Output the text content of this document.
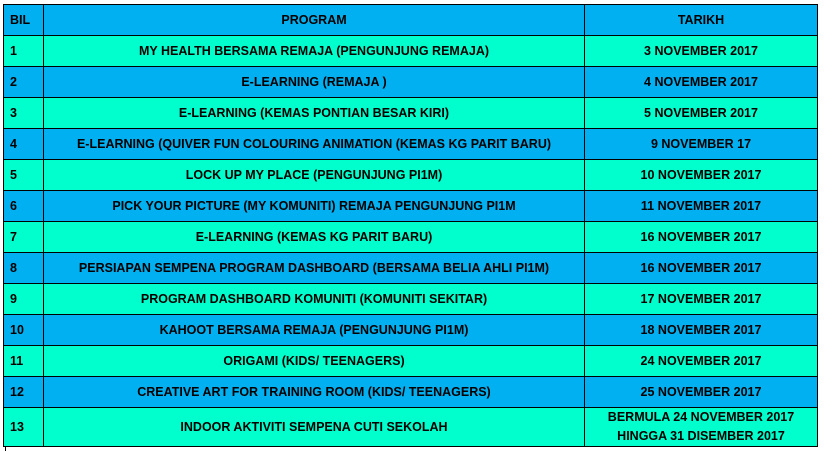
BIL	PROGRAM	TARIKH
1	MY HEALTH BERSAMA REMAJA (PENGUNJUNG REMAJA)	3 NOVEMBER 2017
2	E-LEARNING (REMAJA )	4 NOVEMBER 2017
3	E-LEARNING (KEMAS PONTIAN BESAR KIRI)	5 NOVEMBER 2017
4	E-LEARNING (QUIVER FUN COLOURING ANIMATION (KEMAS KG PARIT BARU)	9 NOVEMBER 17
5	LOCK UP MY PLACE (PENGUNJUNG PI1M)	10 NOVEMBER 2017
6	PICK YOUR PICTURE (MY KOMUNITI) REMAJA PENGUNJUNG PI1M	11 NOVEMBER 2017
7	E-LEARNING (KEMAS KG PARIT BARU)	16 NOVEMBER 2017
8	PERSIAPAN SEMPENA PROGRAM DASHBOARD (BERSAMA BELIA AHLI PI1M)	16 NOVEMBER 2017
9	PROGRAM DASHBOARD KOMUNITI (KOMUNITI SEKITAR)	17 NOVEMBER 2017
10	KAHOOT BERSAMA REMAJA (PENGUNJUNG PI1M)	18 NOVEMBER 2017
11	ORIGAMI (KIDS/ TEENAGERS)	24 NOVEMBER 2017
12	CREATIVE ART FOR TRAINING ROOM (KIDS/ TEENAGERS)	25 NOVEMBER 2017
13	INDOOR AKTIVITI SEMPENA CUTI SEKOLAH	BERMULA 24 NOVEMBER 2017
HINGGA 31 DISEMBER 2017
